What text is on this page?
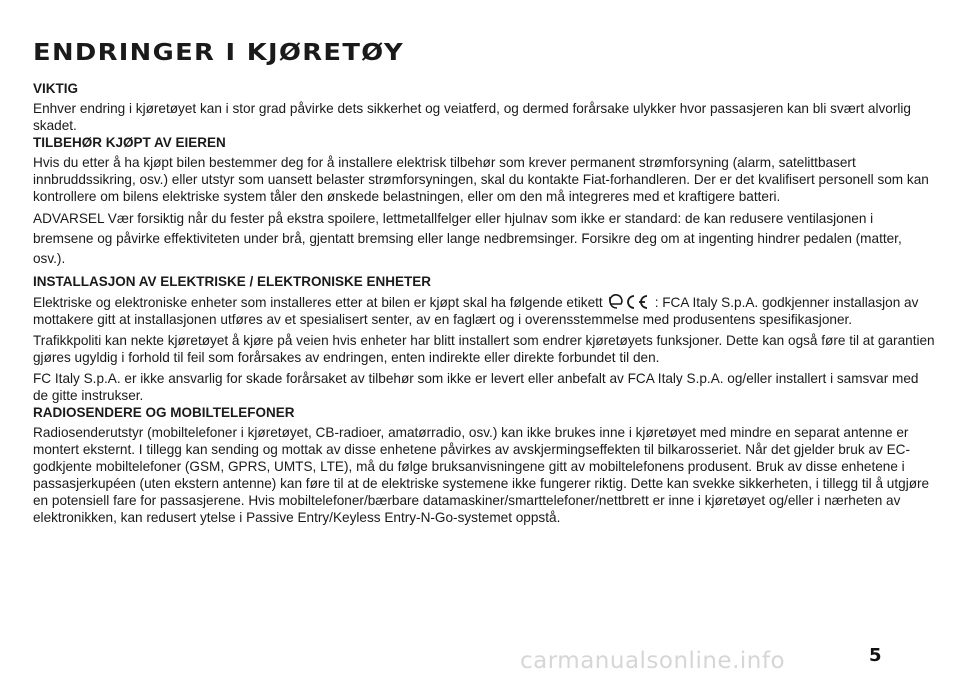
ENDRINGER I KJØRETØY
VIKTIG

Enhver endring i kjøretøyet kan i stor grad påvirke dets sikkerhet og veiatferd, og dermed forårsake ulykker hvor passasjeren kan bli svært alvorlig skadet.

TILBEHØR KJØPT AV EIEREN

Hvis du etter å ha kjøpt bilen bestemmer deg for å installere elektrisk tilbehør som krever permanent strømforsyning (alarm, satelittbasert innbruddssikring, osv.) eller utstyr som uansett belaster strømforsyningen, skal du kontakte Fiat-forhandleren. Der er det kvalifisert personell som kan kontrollere om bilens elektriske system tåler den ønskede belastningen, eller om den må integreres med et kraftigere batteri.

ADVARSEL Vær forsiktig når du fester på ekstra spoilere, lettmetallfelger eller hjulnav som ikke er standard: de kan redusere ventilasjonen i bremsene og påvirke effektiviteten under brå, gjentatt bremsing eller lange nedbremsinger. Forsikre deg om at ingenting hindrer pedalen (matter, osv.).

INSTALLASJON AV ELEKTRISKE / ELEKTRONISKE ENHETER

Elektriske og elektroniske enheter som installeres etter at bilen er kjøpt skal ha følgende etikett	: FCA Italy S.p.A. godkjenner installasjon av mottakere gitt at installasjonen utføres av et spesialisert senter, av en faglært og i overensstemmelse med produsentens spesifikasjoner.

Trafikkpoliti kan nekte kjøretøyet å kjøre på veien hvis enheter har blitt installert som endrer kjøretøyets funksjoner. Dette kan også føre til at garantien gjøres ugyldig i forhold til feil som forårsakes av endringen, enten indirekte eller direkte forbundet til den.

FC Italy S.p.A. er ikke ansvarlig for skade forårsaket av tilbehør som ikke er levert eller anbefalt av FCA Italy S.p.A. og/eller installert i samsvar med de gitte instrukser.

RADIOSENDERE OG MOBILTELEFONER

Radiosenderutstyr (mobiltelefoner i kjøretøyet, CB-radioer, amatørradio, osv.) kan ikke brukes inne i kjøretøyet med mindre en separat antenne er montert eksternt. I tillegg kan sending og mottak av disse enhetene påvirkes av avskjermingseffekten til bilkarosseriet. Når det gjelder bruk av EC-godkjente mobiltelefoner (GSM, GPRS, UMTS, LTE), må du følge bruksanvisningene gitt av mobiltelefonens produsent. Bruk av disse enhetene i passasjerkupéen (uten ekstern antenne) kan føre til at de elektriske systemene ikke fungerer riktig. Dette kan svekke sikkerheten, i tillegg til å utgjøre en potensiell fare for passasjerene. Hvis mobiltelefoner/bærbare datamaskiner/smarttelefoner/nettbrett er inne i kjøretøyet og/eller i nærheten av elektronikken, kan redusert ytelse i Passive Entry/Keyless Entry-N-Go-systemet oppstå.

carmanualsonline.info	5
